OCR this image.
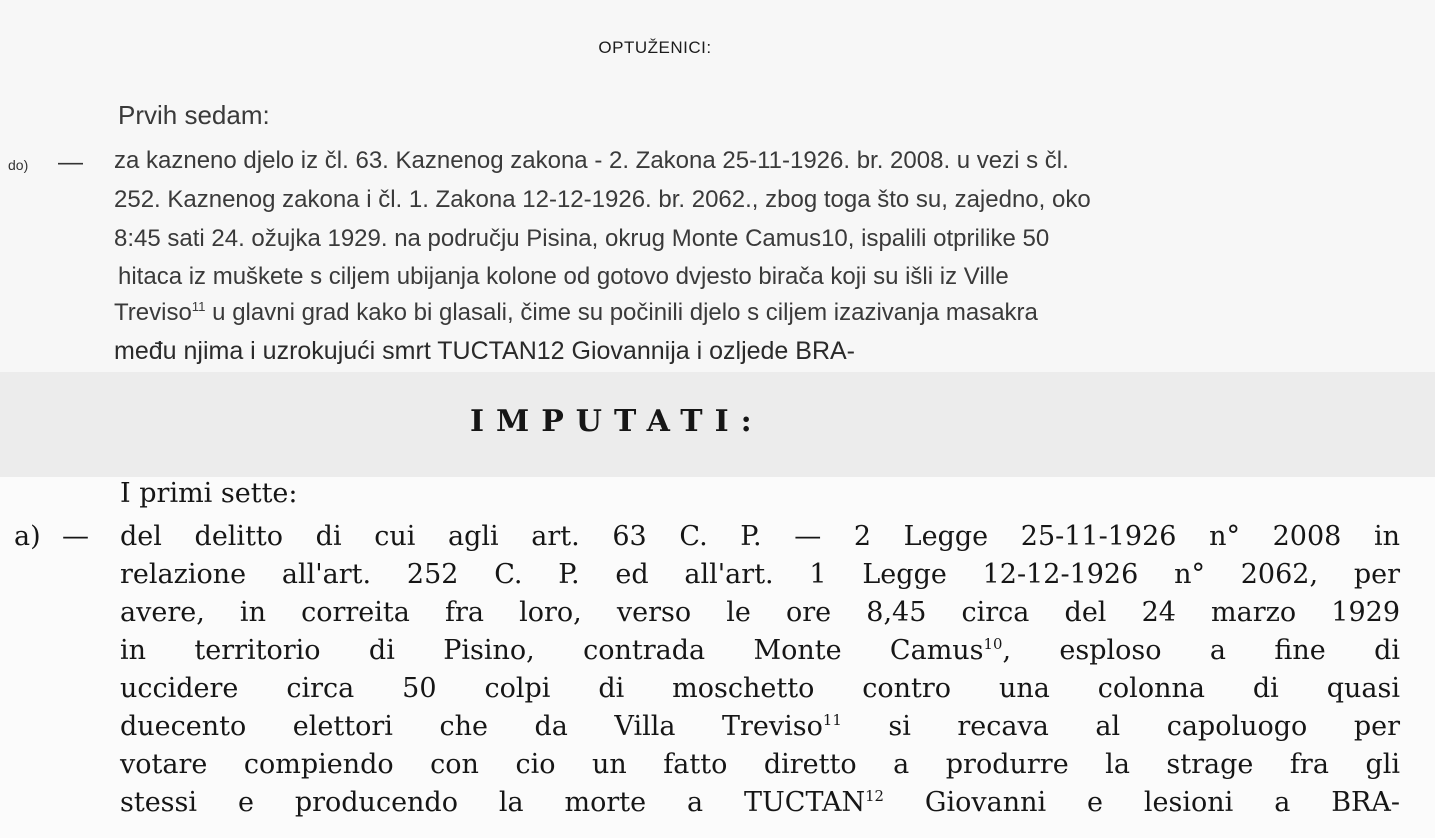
OPTUŽENICI:
Prvih sedam:
do) — za kazneno djelo iz čl. 63. Kaznenog zakona - 2. Zakona 25-11-1926. br. 2008. u vezi s čl.
252. Kaznenog zakona i čl. 1. Zakona 12-12-1926. br. 2062., zbog toga što su, zajedno, oko
8:45 sati 24. ožujka 1929. na području Pisina, okrug Monte Camus10, ispalili otprilike 50
hitaca iz muškete s ciljem ubijanja kolone od gotovo dvjesto birača koji su išli iz Ville
Treviso$^{11}$ u glavni grad kako bi glasali, čime su počinili djelo s ciljem izazivanja masakra
među njima i uzrokujući smrt TUCTAN12 Giovannija i ozljede BRA-
IMPUTATI:
I primi sette:
a) — del delitto di cui agli art. 63 C. P. — 2 Legge 25-11-1926 n° 2008 in
relazione all'art. 252 C. P. ed all'art. 1 Legge 12-12-1926 n° 2062, per
avere, in correita fra loro, verso le ore 8,45 circa del 24 marzo 1929
in territorio di Pisino, contrada Monte Camus$^{10}$, esploso a fine di
uccidere circa 50 colpi di moschetto contro una colonna di quasi
duecento elettori che da Villa Treviso$^{11}$ si recava al capoluogo per
votare compiendo con cio un fatto diretto a produrre la strage fra gli
stessi e producendo la morte a TUCTAN$^{12}$ Giovanni e lesioni a BRA-
